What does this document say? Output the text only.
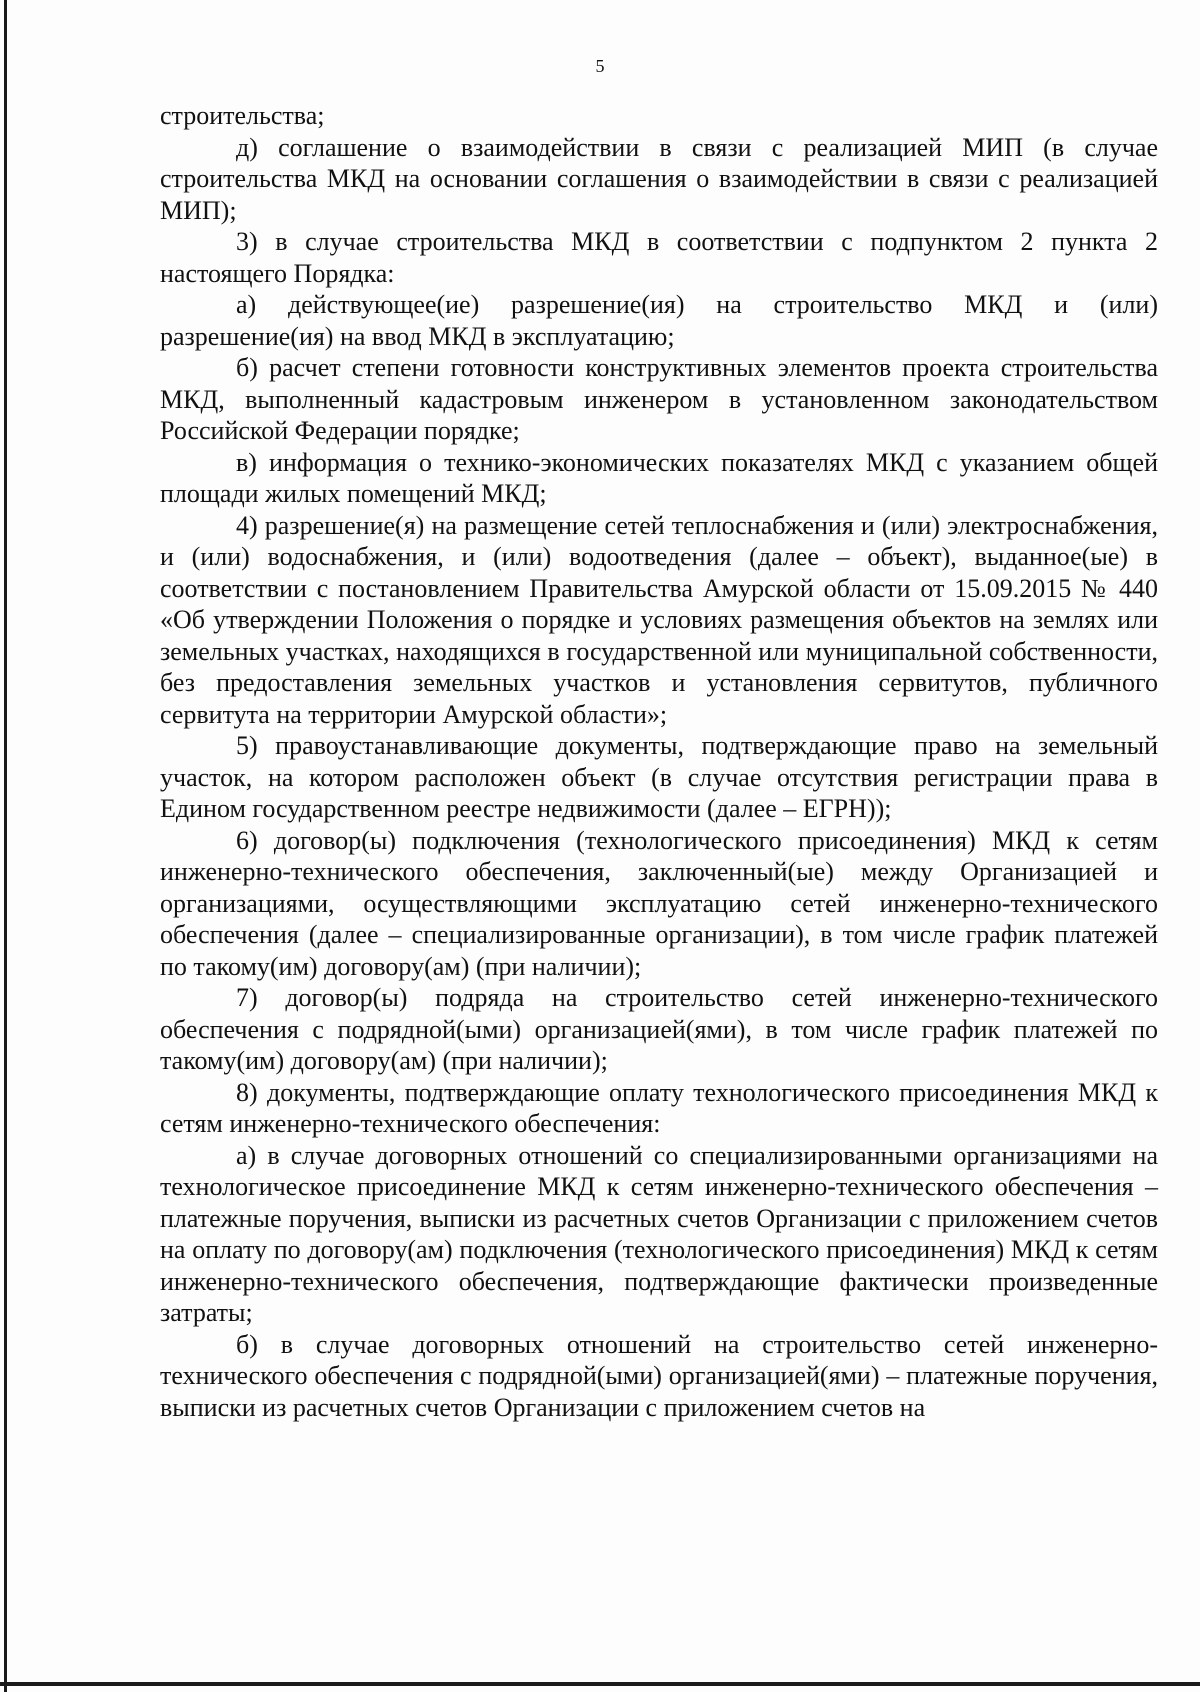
5

строительства;

д) соглашение о взаимодействии в связи с реализацией МИП (в случае строительства МКД на основании соглашения о взаимодействии в связи с реализацией МИП);

3) в случае строительства МКД в соответствии с подпунктом 2 пункта 2 настоящего Порядка:

а) действующее(ие) разрешение(ия) на строительство МКД и (или) разрешение(ия) на ввод МКД в эксплуатацию;

б) расчет степени готовности конструктивных элементов проекта строительства МКД, выполненный кадастровым инженером в установленном законодательством Российской Федерации порядке;

в) информация о технико-экономических показателях МКД с указанием общей площади жилых помещений МКД;

4) разрешение(я) на размещение сетей теплоснабжения и (или) электроснабжения, и (или) водоснабжения, и (или) водоотведения (далее – объект), выданное(ые) в соответствии с постановлением Правительства Амурской области от 15.09.2015 № 440 «Об утверждении Положения о порядке и условиях размещения объектов на землях или земельных участках, находящихся в государственной или муниципальной собственности, без предоставления земельных участков и установления сервитутов, публичного сервитута на территории Амурской области»;

5) правоустанавливающие документы, подтверждающие право на земельный участок, на котором расположен объект (в случае отсутствия регистрации права в Едином государственном реестре недвижимости (далее – ЕГРН));

6) договор(ы) подключения (технологического присоединения) МКД к сетям инженерно-технического обеспечения, заключенный(ые) между Организацией и организациями, осуществляющими эксплуатацию сетей инженерно-технического обеспечения (далее – специализированные организации), в том числе график платежей по такому(им) договору(ам) (при наличии);

7) договор(ы) подряда на строительство сетей инженерно-технического обеспечения с подрядной(ыми) организацией(ями), в том числе график платежей по такому(им) договору(ам) (при наличии);

8) документы, подтверждающие оплату технологического присоединения МКД к сетям инженерно-технического обеспечения:

а) в случае договорных отношений со специализированными организациями на технологическое присоединение МКД к сетям инженерно-технического обеспечения – платежные поручения, выписки из расчетных счетов Организации с приложением счетов на оплату по договору(ам) подключения (технологического присоединения) МКД к сетям инженерно-технического обеспечения, подтверждающие фактически произведенные затраты;

б) в случае договорных отношений на строительство сетей инженерно-технического обеспечения с подрядной(ыми) организацией(ями) – платежные поручения, выписки из расчетных счетов Организации с приложением счетов на
